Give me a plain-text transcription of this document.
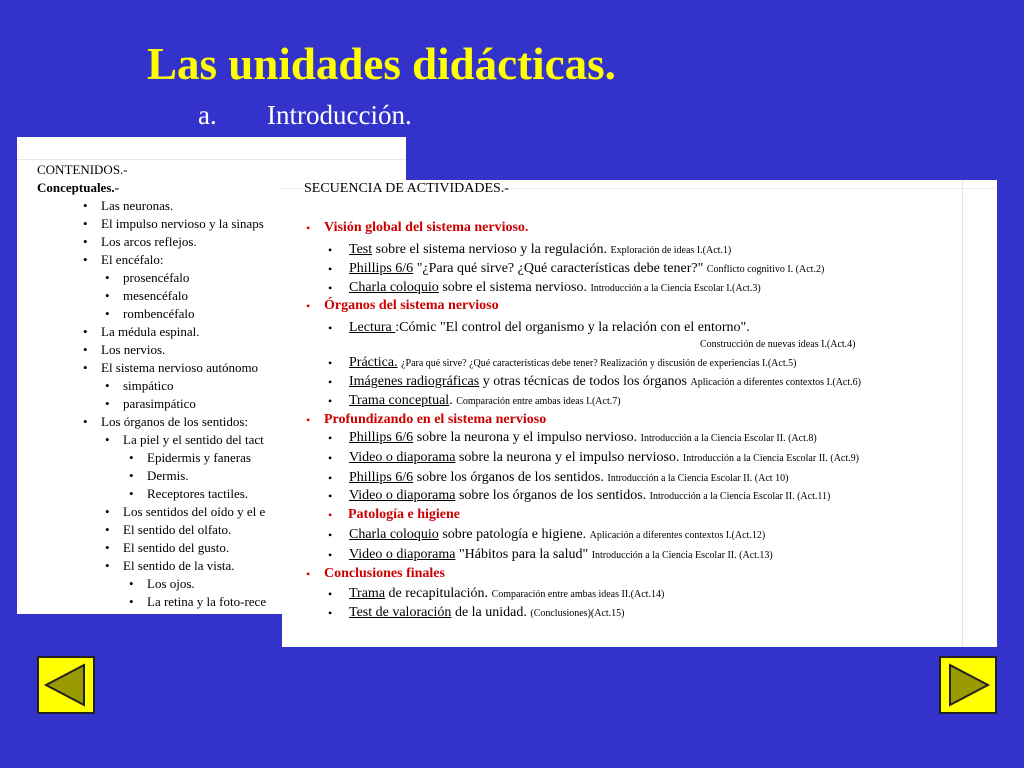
Las unidades didácticas.
a. Introducción.
CONTENIDOS.-
Conceptuales.-
• Las neuronas.
• El impulso nervioso y la sinaps
• Los arcos reflejos.
• El encéfalo:
• prosencéfalo
• mesencéfalo
• rombencéfalo
• La médula espinal.
• Los nervios.
• El sistema nervioso autónomo
• simpático
• parasimpático
• Los órganos de los sentidos:
• La piel y el sentido del tact
• Epidermis y faneras
• Dermis.
• Receptores tactiles.
• Los sentidos del oído y el e
• El sentido del olfato.
• El sentido del gusto.
• El sentido de la vista.
• Los ojos.
• La retina y la foto-rece
SECUENCIA DE ACTIVIDADES.-
• Visión global del sistema nervioso.
• Test sobre el sistema nervioso y la regulación. Exploración de ideas I.(Act.1)
• Phillips 6/6 "¿Para qué sirve? ¿Qué características debe tener?" Conflicto cognitivo I. (Act.2)
• Charla coloquio sobre el sistema nervioso. Introducción a la Ciencia Escolar I.(Act.3)
• Órganos del sistema nervioso
• Lectura :Cómic "El control del organismo y la relación con el entorno".
Construcción de nuevas ideas I.(Act.4)
• Práctica. ¿Para qué sirve? ¿Qué características debe tener? Realización y discusión de experiencias I.(Act.5)
• Imágenes radiográficas y otras técnicas de todos los órganos Aplicación a diferentes contextos I.(Act.6)
• Trama conceptual. Comparación entre ambas ideas I.(Act.7)
• Profundizando en el sistema nervioso
• Phillips 6/6 sobre la neurona y el impulso nervioso. Introducción a la Ciencia Escolar II. (Act.8)
• Video o diaporama sobre la neurona y el impulso nervioso. Introducción a la Ciencia Escolar II. (Act.9)
• Phillips 6/6 sobre los órganos de los sentidos. Introducción a la Ciencia Escolar II. (Act 10)
• Video o diaporama sobre los órganos de los sentidos. Introducción a la Ciencia Escolar II. (Act.11)
• Patología e higiene
• Charla coloquio sobre patología e higiene. Aplicación a diferentes contextos I.(Act.12)
• Video o diaporama "Hábitos para la salud" Introducción a la Ciencia Escolar II. (Act.13)
• Conclusiones finales
• Trama de recapitulación. Comparación entre ambas ideas II.(Act.14)
• Test de valoración de la unidad. (Conclusiones)(Act.15)
